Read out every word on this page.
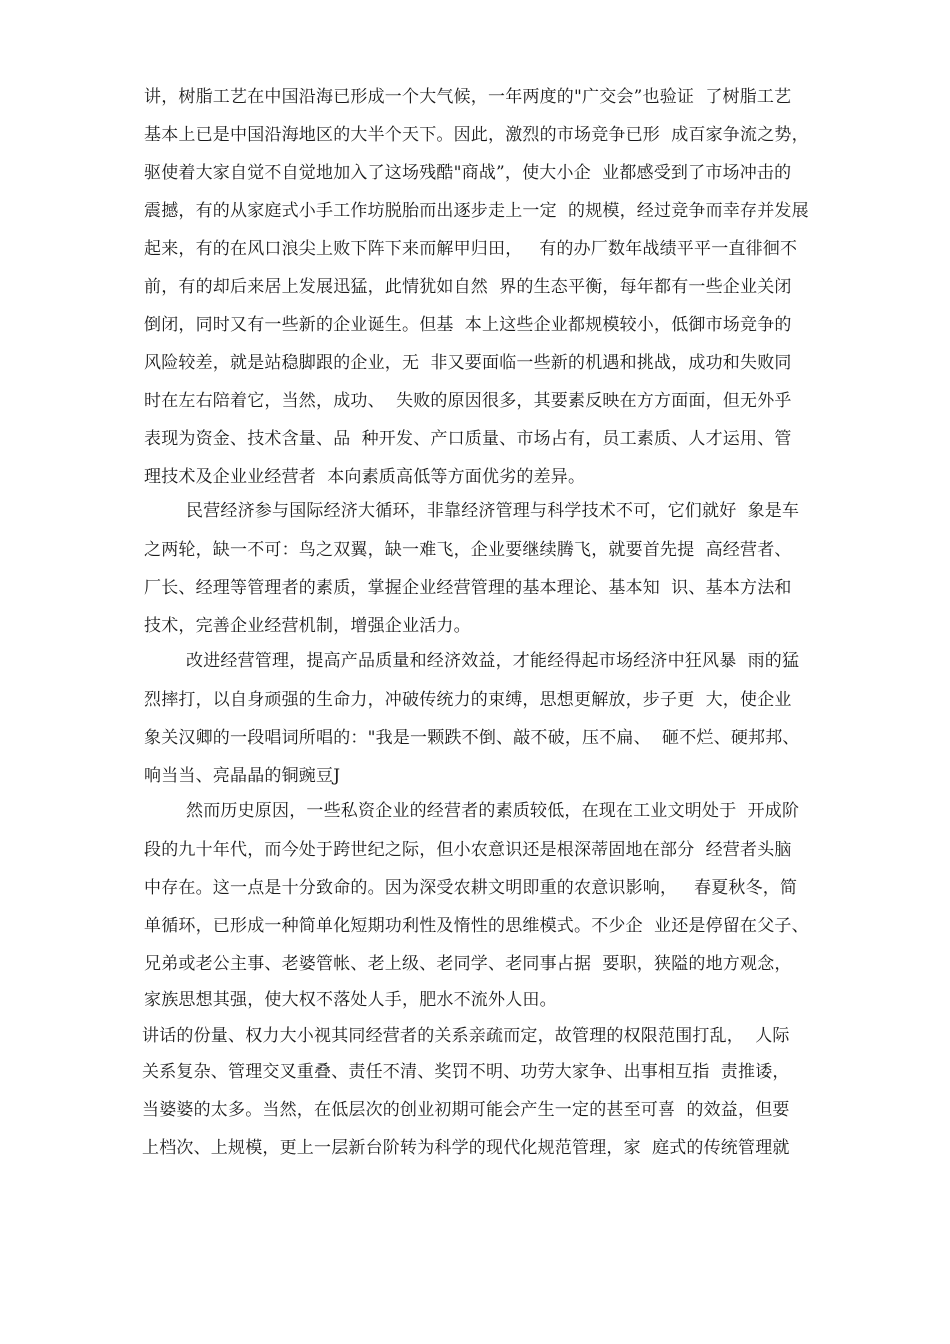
讲，树脂工艺在中国沿海已形成一个大气候，一年两度的"广交会”也验证  了树脂工艺
基本上已是中国沿海地区的大半个天下。因此，激烈的市场竞争已形  成百家争流之势，
驱使着大家自觉不自觉地加入了这场残酷"商战”，使大小企  业都感受到了市场冲击的
震撼，有的从家庭式小手工作坊脱胎而出逐步走上一定  的规模，经过竞争而幸存并发展
起来，有的在风口浪尖上败下阵下来而解甲归田，   有的办厂数年战绩平平一直徘徊不
前，有的却后来居上发展迅猛，此情犹如自然  界的生态平衡，每年都有一些企业关闭
倒闭，同时又有一些新的企业诞生。但基  本上这些企业都规模较小，低御市场竞争的
风险较差，就是站稳脚跟的企业，无  非又要面临一些新的机遇和挑战，成功和失败同
时在左右陪着它，当然，成功、  失败的原因很多，其要素反映在方方面面，但无外乎
表现为资金、技术含量、品  种开发、产口质量、市场占有，员工素质、人才运用、管
理技术及企业业经营者  本向素质高低等方面优劣的差异。
民营经济参与国际经济大循环，非靠经济管理与科学技术不可，它们就好  象是车
之两轮，缺一不可：鸟之双翼，缺一难飞，企业要继续腾飞，就要首先提  高经营者、
厂长、经理等管理者的素质，掌握企业经营管理的基本理论、基本知  识、基本方法和
技术，完善企业经营机制，增强企业活力。
改进经营管理，提高产品质量和经济效益，才能经得起市场经济中狂风暴  雨的猛
烈摔打，以自身顽强的生命力，冲破传统力的束缚，思想更解放，步子更  大，使企业
象关汉卿的一段唱词所唱的："我是一颗跌不倒、敲不破，压不扁、  砸不烂、硬邦邦、
响当当、亮晶晶的铜豌豆J
然而历史原因，一些私资企业的经营者的素质较低，在现在工业文明处于  开成阶
段的九十年代，而今处于跨世纪之际，但小农意识还是根深蒂固地在部分  经营者头脑
中存在。这一点是十分致命的。因为深受农耕文明即重的农意识影响，   春夏秋冬，简
单循环，已形成一种简单化短期功利性及惰性的思维模式。不少企  业还是停留在父子、
兄弟或老公主事、老婆管帐、老上级、老同学、老同事占据  要职，狭隘的地方观念，
家族思想其强，使大权不落处人手，肥水不流外人田。
讲话的份量、权力大小视其同经营者的关系亲疏而定，故管理的权限范围打乱，  人际
关系复杂、管理交叉重叠、责任不清、奖罚不明、功劳大家争、出事相互指  责推诿，
当婆婆的太多。当然，在低层次的创业初期可能会产生一定的甚至可喜  的效益，但要
上档次、上规模，更上一层新台阶转为科学的现代化规范管理，家  庭式的传统管理就
